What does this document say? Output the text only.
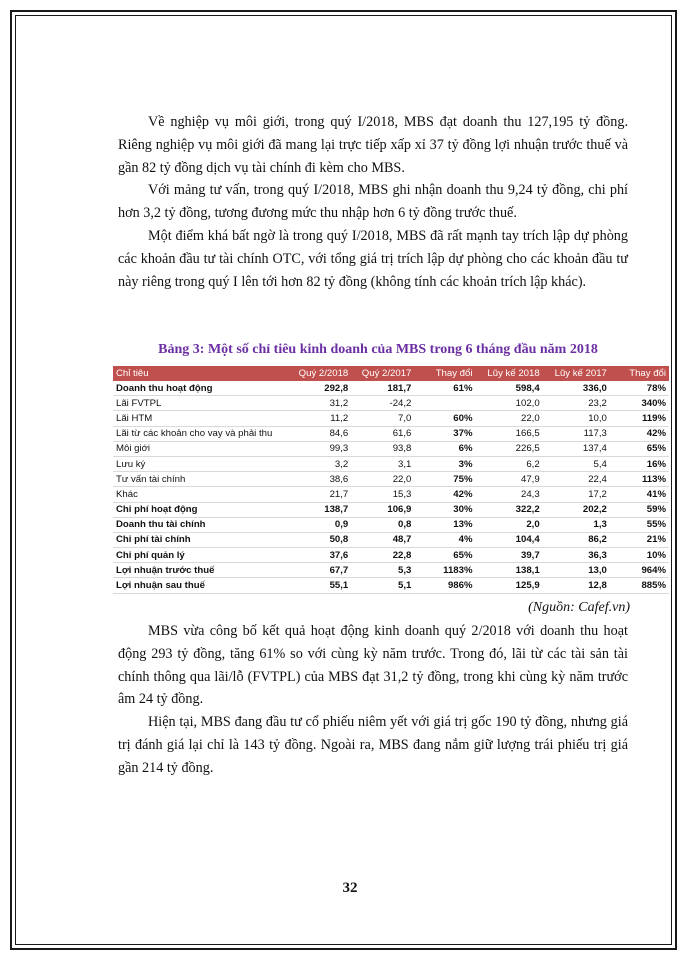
Về nghiệp vụ môi giới, trong quý I/2018, MBS đạt doanh thu 127,195 tỷ đồng. Riêng nghiệp vụ môi giới đã mang lại trực tiếp xấp xỉ 37 tỷ đồng lợi nhuận trước thuế và gần 82 tỷ đồng dịch vụ tài chính đi kèm cho MBS.

Với mảng tư vấn, trong quý I/2018, MBS ghi nhận doanh thu 9,24 tỷ đồng, chi phí hơn 3,2 tỷ đồng, tương đương mức thu nhập hơn 6 tỷ đồng trước thuế.

Một điểm khá bất ngờ là trong quý I/2018, MBS đã rất mạnh tay trích lập dự phòng các khoản đầu tư tài chính OTC, với tổng giá trị trích lập dự phòng cho các khoản đầu tư này riêng trong quý I lên tới hơn 82 tỷ đồng (không tính các khoản trích lập khác).

Bảng 3: Một số chỉ tiêu kinh doanh của MBS trong 6 tháng đầu năm 2018
Chỉ tiêu	Quý 2/2018	Quý 2/2017	Thay đổi	Lũy kế 2018	Lũy kế 2017	Thay đổi
Doanh thu hoạt động	292,8	181,7	61%	598,4	336,0	78%
Lãi FVTPL	31,2	-24,2		102,0	23,2	340%
Lãi HTM	11,2	7,0	60%	22,0	10,0	119%
Lãi từ các khoản cho vay và phải thu	84,6	61,6	37%	166,5	117,3	42%
Môi giới	99,3	93,8	6%	226,5	137,4	65%
Lưu ký	3,2	3,1	3%	6,2	5,4	16%
Tư vấn tài chính	38,6	22,0	75%	47,9	22,4	113%
Khác	21,7	15,3	42%	24,3	17,2	41%
Chi phí hoạt động	138,7	106,9	30%	322,2	202,2	59%
Doanh thu tài chính	0,9	0,8	13%	2,0	1,3	55%
Chi phí tài chính	50,8	48,7	4%	104,4	86,2	21%
Chi phí quản lý	37,6	22,8	65%	39,7	36,3	10%
Lợi nhuận trước thuế	67,7	5,3	1183%	138,1	13,0	964%
Lợi nhuận sau thuế	55,1	5,1	986%	125,9	12,8	885%
(Nguồn: Cafef.vn)

MBS vừa công bố kết quả hoạt động kinh doanh quý 2/2018 với doanh thu hoạt động 293 tỷ đồng, tăng 61% so với cùng kỳ năm trước. Trong đó, lãi từ các tài sản tài chính thông qua lãi/lỗ (FVTPL) của MBS đạt 31,2 tỷ đồng, trong khi cùng kỳ năm trước âm 24 tỷ đồng.

Hiện tại, MBS đang đầu tư cổ phiếu niêm yết với giá trị gốc 190 tỷ đồng, nhưng giá trị đánh giá lại chỉ là 143 tỷ đồng. Ngoài ra, MBS đang nắm giữ lượng trái phiếu trị giá gần 214 tỷ đồng.

32
